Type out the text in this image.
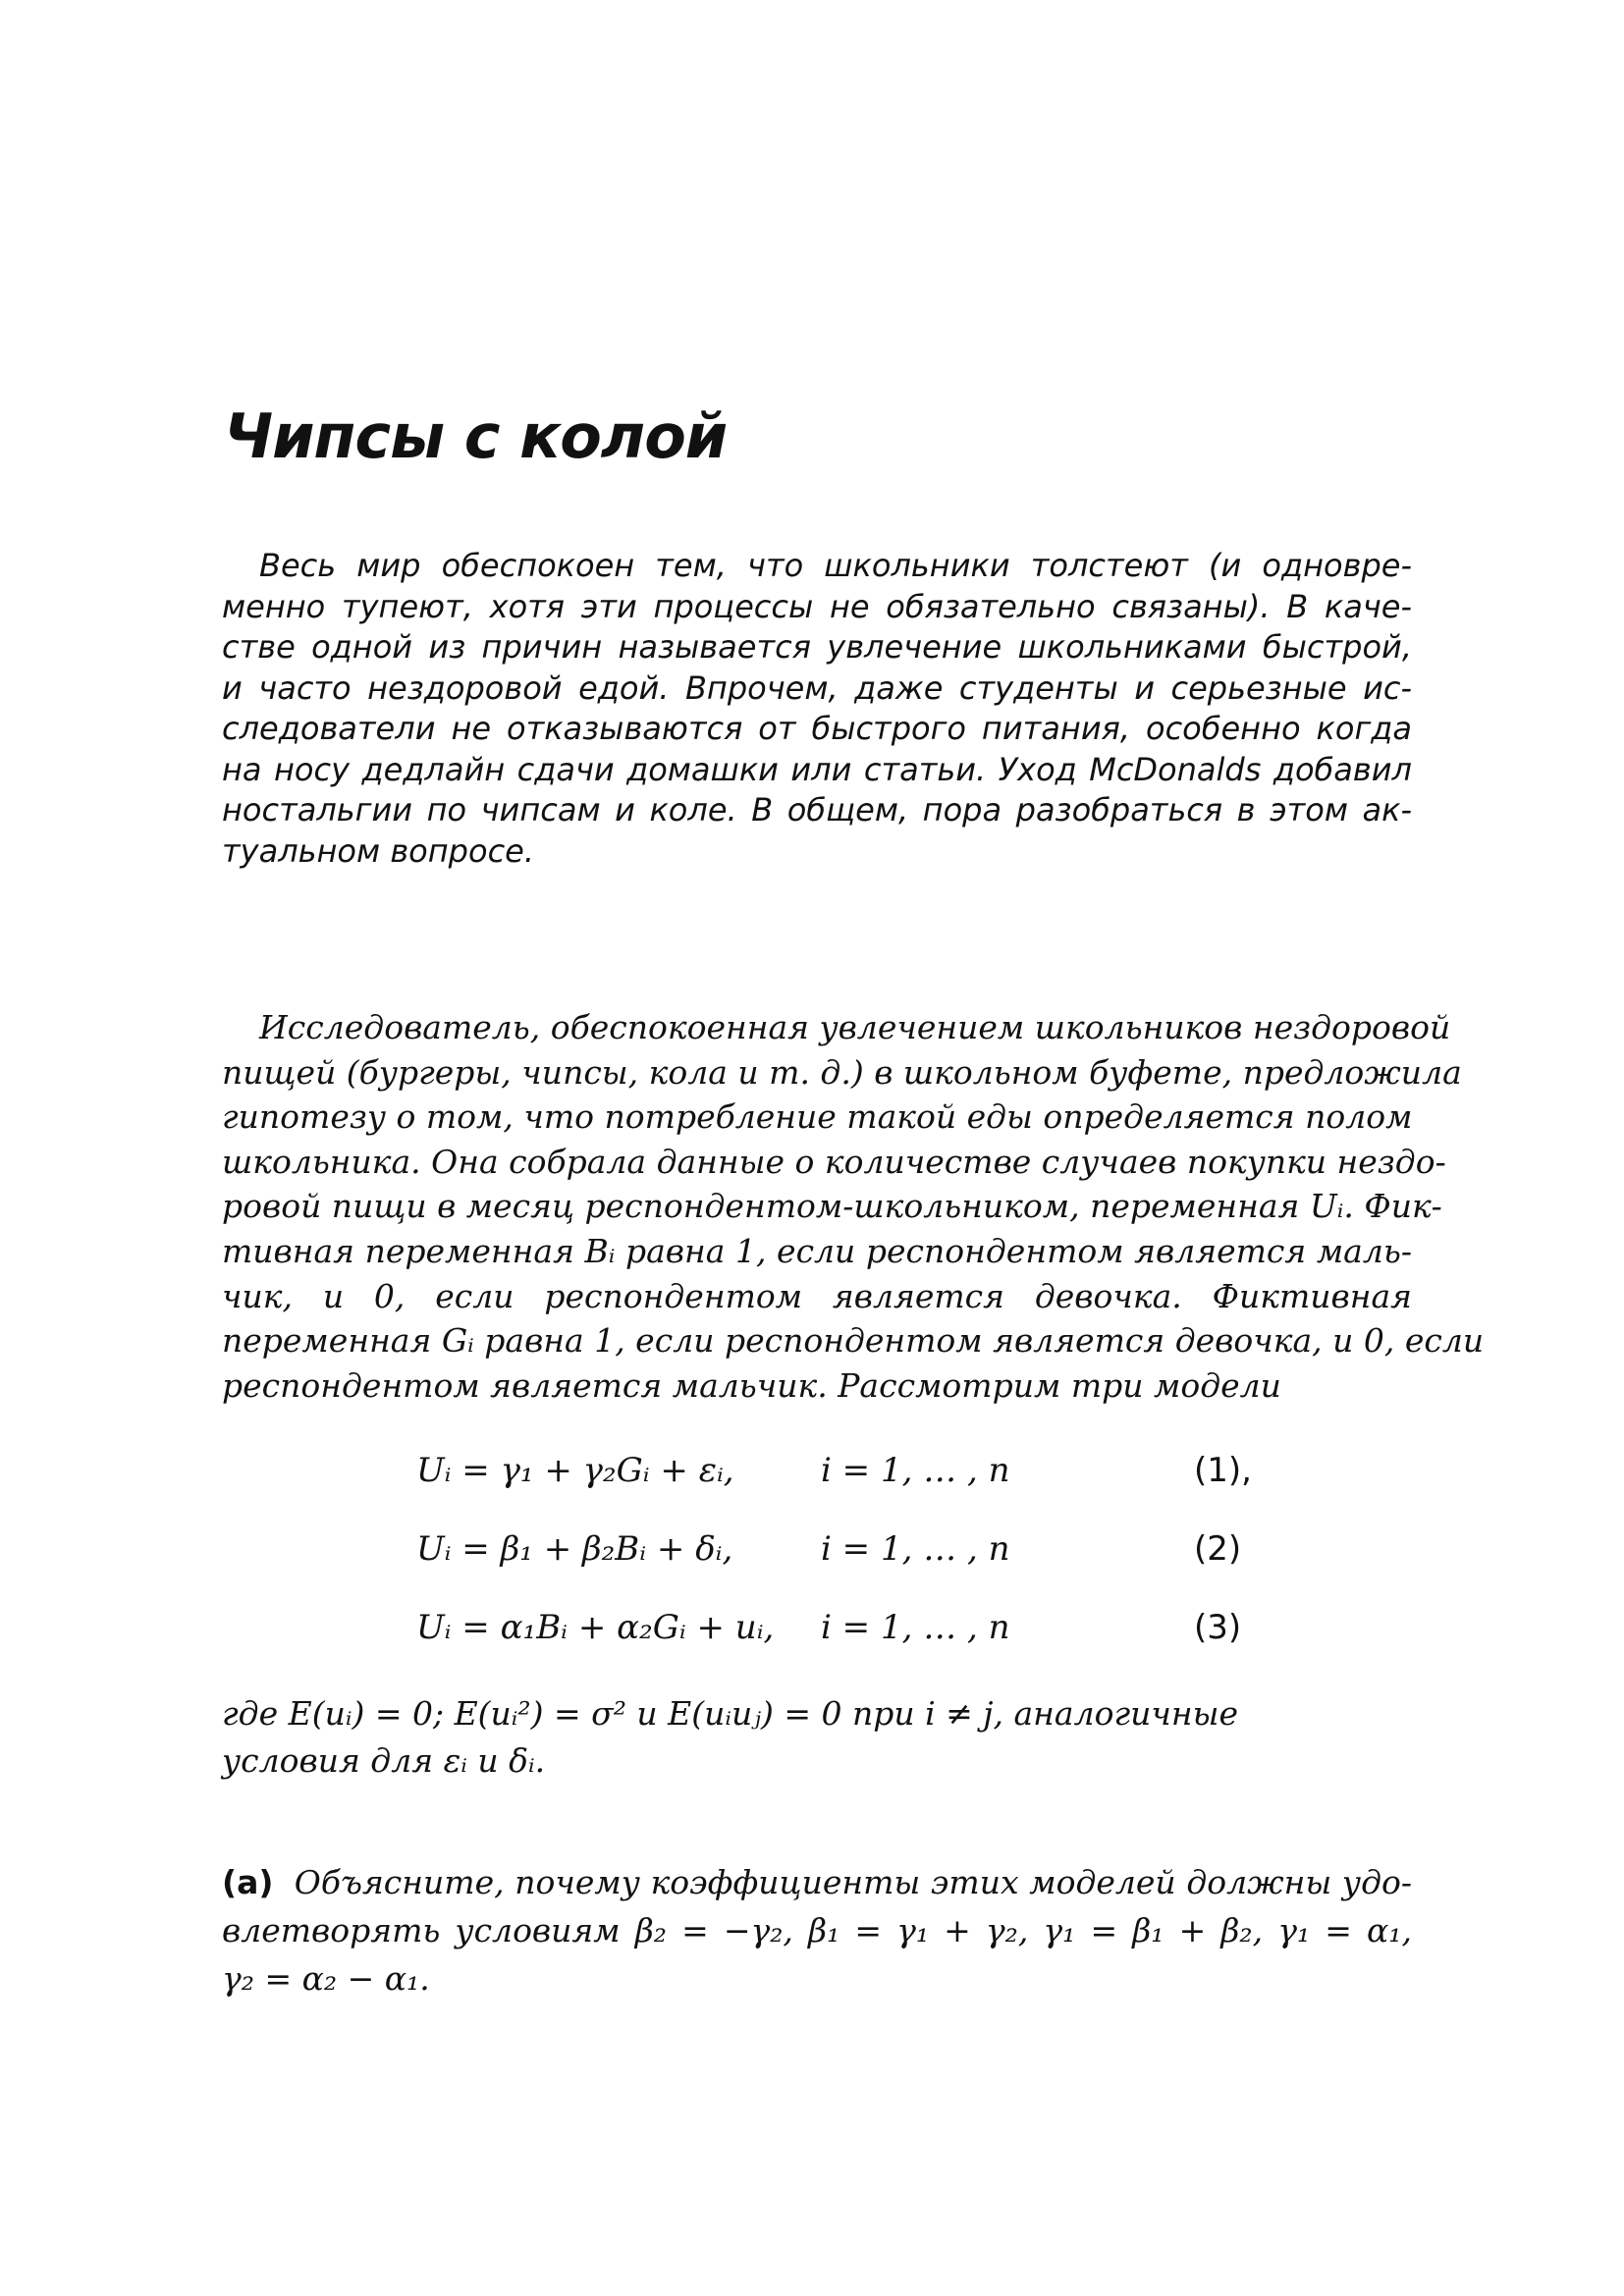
Чипсы с колой
Весь мир обеспокоен тем, что школьники толстеют (и одновре-
менно тупеют, хотя эти процессы не обязательно связаны). В каче-
стве одной из причин называется увлечение школьниками быстрой,
и часто нездоровой едой. Впрочем, даже студенты и серьезные ис-
следователи не отказываются от быстрого питания, особенно когда
на носу дедлайн сдачи домашки или статьи. Уход McDonalds добавил
ностальгии по чипсам и коле. В общем, пора разобраться в этом ак-
туальном вопросе.
Исследователь, обеспокоенная увлечением школьников нездоровой
пищей (бургеры, чипсы, кола и т. д.) в школьном буфете, предложила
гипотезу о том, что потребление такой еды определяется полом
школьника. Она собрала данные о количестве случаев покупки нездо-
ровой пищи в месяц респондентом-школьником, переменная Uᵢ. Фик-
тивная переменная Bᵢ равна 1, если респондентом является маль-
чик, и 0, если респондентом является девочка. Фиктивная
переменная Gᵢ равна 1, если респондентом является девочка, и 0, если
респондентом является мальчик. Рассмотрим три модели
Uᵢ = γ₁ + γ₂Gᵢ + εᵢ,	i = 1, … , n	(1),
Uᵢ = β₁ + β₂Bᵢ + δᵢ,	i = 1, … , n	(2)
Uᵢ = α₁Bᵢ + α₂Gᵢ + uᵢ, i = 1, … , n	(3)
где E(uᵢ) = 0; E(uᵢ²) = σ² и E(uᵢuⱼ) = 0 при i ≠ j, аналогичные
условия для εᵢ и δᵢ.
(a) Объясните, почему коэффициенты этих моделей должны удо-
влетворять условиям β₂ = −γ₂, β₁ = γ₁ + γ₂, γ₁ = β₁ + β₂, γ₁ = α₁,
γ₂ = α₂ − α₁.
